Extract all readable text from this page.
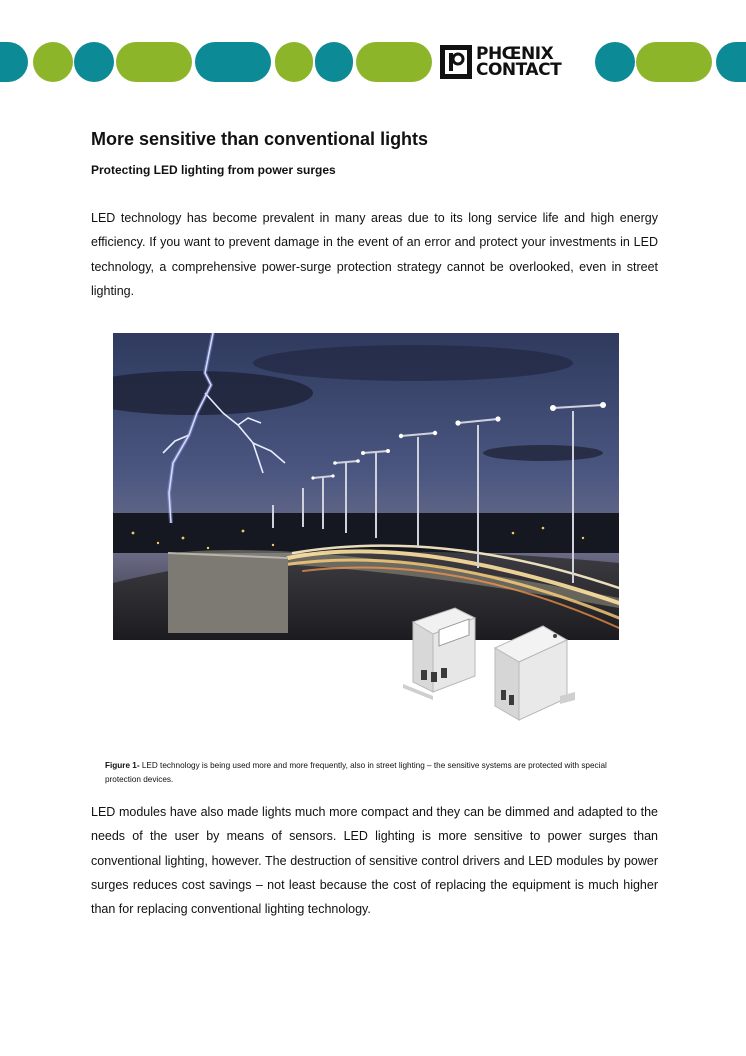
PHŒNIX
CONTACT
More sensitive than conventional lights
Protecting LED lighting from power surges

LED technology has become prevalent in many areas due to its long service life and high energy efficiency. If you want to prevent damage in the event of an error and protect your investments in LED technology, a comprehensive power-surge protection strategy cannot be overlooked, even in street lighting.

Figure 1- LED technology is being used more and more frequently, also in street lighting – the sensitive systems are protected with special protection devices.

LED modules have also made lights much more compact and they can be dimmed and adapted to the needs of the user by means of sensors. LED lighting is more sensitive to power surges than conventional lighting, however. The destruction of sensitive control drivers and LED modules by power surges reduces cost savings – not least because the cost of replacing the equipment is much higher than for replacing conventional lighting technology.
